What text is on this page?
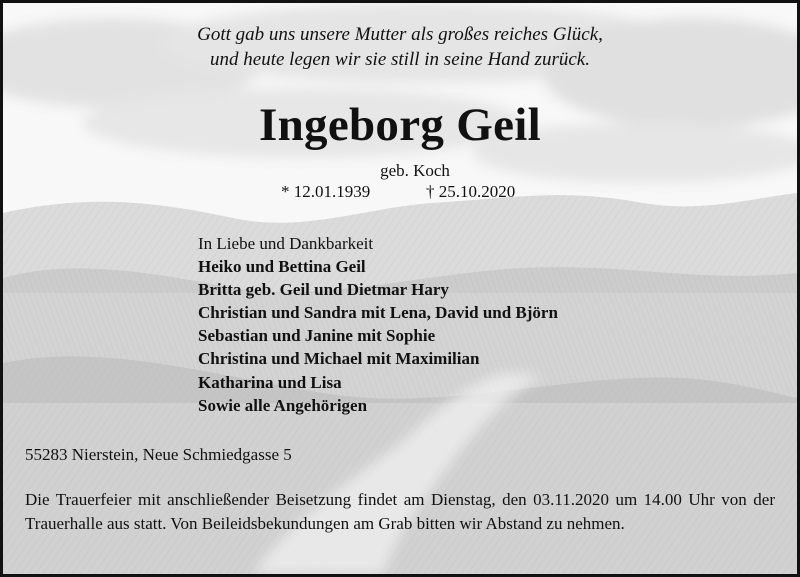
Gott gab uns unsere Mutter als großes reiches Glück,
und heute legen wir sie still in seine Hand zurück.
Ingeborg Geil
geb. Koch
* 12.01.1939	† 25.10.2020
In Liebe und Dankbarkeit
Heiko und Bettina Geil
Britta geb. Geil und Dietmar Hary
Christian und Sandra mit Lena, David und Björn
Sebastian und Janine mit Sophie
Christina und Michael mit Maximilian
Katharina und Lisa
Sowie alle Angehörigen
55283 Nierstein, Neue Schmiedgasse 5
Die Trauerfeier mit anschließender Beisetzung findet am Dienstag, den 03.11.2020 um 14.00 Uhr von der Trauerhalle aus statt. Von Beileidsbekundungen am Grab bitten wir Abstand zu nehmen.
